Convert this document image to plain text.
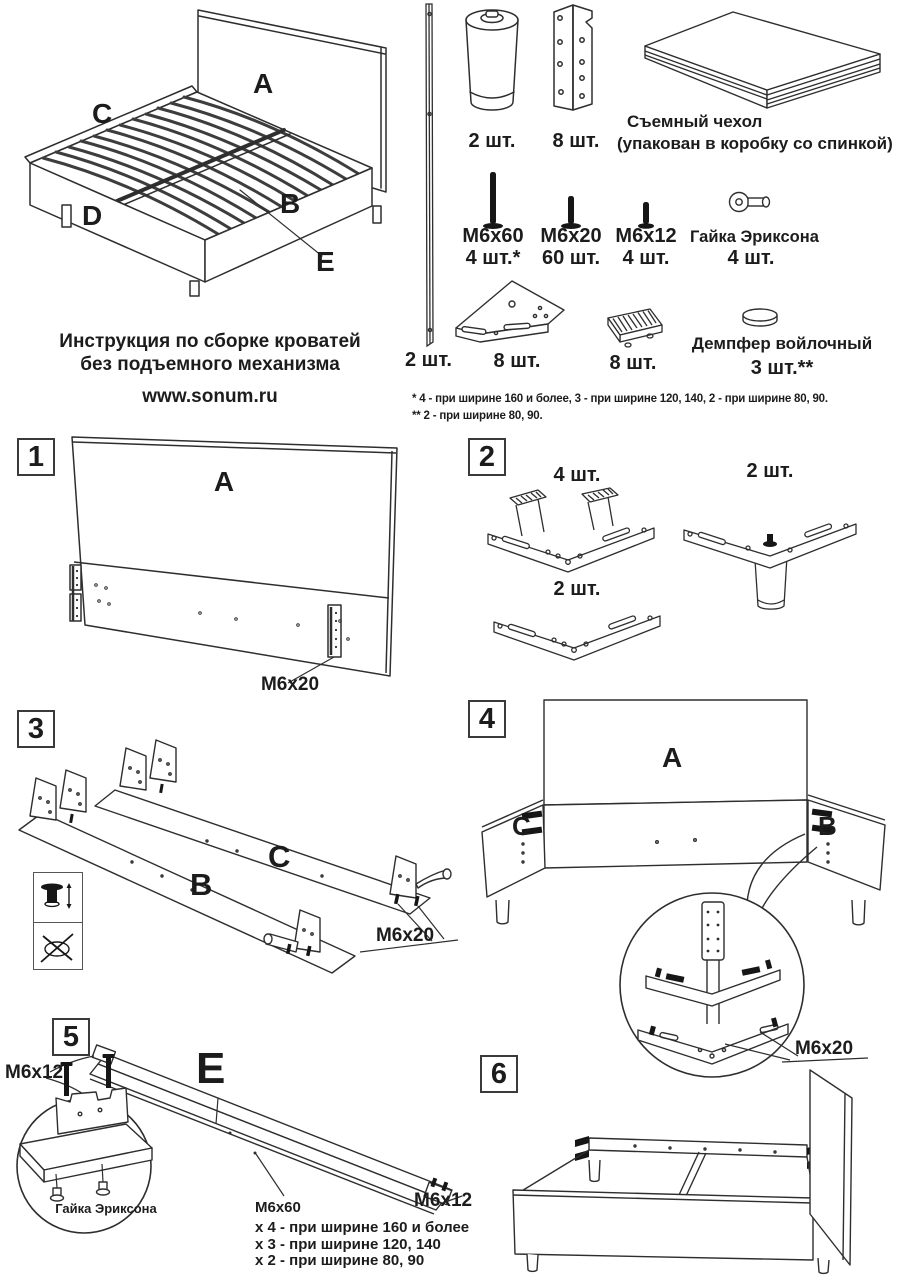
A
C
B
D
E
Инструкция по сборке кроватей
без подъемного механизма
www.sonum.ru
2 шт.
2 шт. 8 шт.
Съемный чехол
(упакован в коробку со спинкой)
М6х60
4 шт.*
М6х20
60 шт.
М6х12
4 шт.
Гайка Эриксона
4 шт.
8 шт.	8 шт.
Демпфер войлочный
3 шт.**
* 4 - при ширине 160 и более, 3 - при ширине 120, 140, 2 - при ширине 80, 90.
** 2 - при ширине 80, 90.
1
A
М6х20
2
4 шт.
2 шт.
2 шт.
3
C
B
М6х20
4
A
C	B
М6х20
5
E
М6х12
Гайка Эриксона	М6х60
х 4 - при ширине 160 и более
х 3 - при ширине 120, 140
х 2 - при ширине 80, 90
М6х12
6
